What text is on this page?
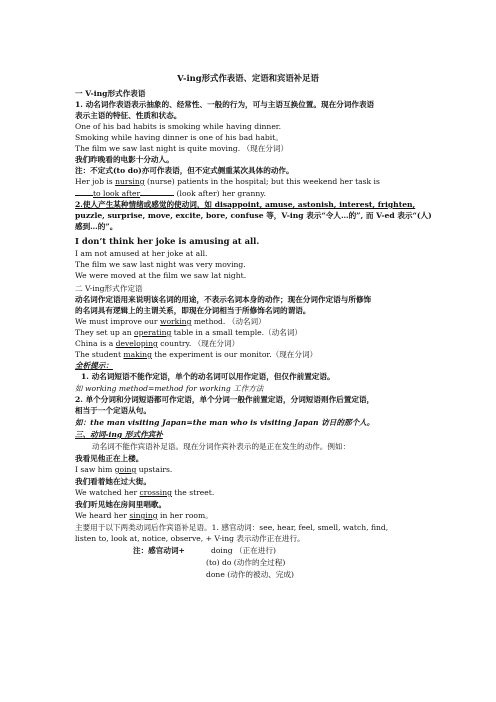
V-ing形式作表语、定语和宾语补足语
一 V-ing形式作表语
1. 动名词作表语表示抽象的、经常性、一般的行为，可与主语互换位置。现在分词作表语
表示主语的特征、性质和状态。
One of his bad habits is smoking while having dinner.
Smoking while having dinner is one of his bad habit。
The film we saw last night is quite moving. （现在分词）
我们昨晚看的电影十分动人。
注：不定式(to do)亦可作表语，但不定式侧重某次具体的动作。
Her job is nursing (nurse) patients in the hospital; but this weekend her task is
to look after	(look after) her granny.
2.使人产生某种情绪或感觉的使动词，如 disappoint, amuse, astonish, interest, frighten,
puzzle, surprise, move, excite, bore, confuse 等，V-ing 表示“令人…的”, 而 V-ed 表示“(人)
感到…的”。
I don’t think her joke is amusing at all.
I am not amused at her joke at all.
The film we saw last night was very moving.
We were moved at the film we saw lat night.
二 V-ing形式作定语
动名词作定语用来说明该名词的用途，不表示名词本身的动作；现在分词作定语与所修饰
的名词具有逻辑上的主谓关系，即现在分词相当于所修饰名词的谓语。
We must improve our working method. （动名词）
They set up an operating table in a small temple.（动名词）
China is a developing country. （现在分词）
The student making the experiment is our monitor.（现在分词）
全析提示：
1. 动名词短语不能作定语，单个的动名词可以用作定语，但仅作前置定语。
如 working method=method for working 工作方法
2. 单个分词和分词短语都可作定语，单个分词一般作前置定语，分词短语则作后置定语，
相当于一个定语从句。
如：the man visiting Japan=the man who is visiting Japan 访日的那个人。
三、动词-ing 形式作宾补
动名词不能作宾语补足语。现在分词作宾补表示的是正在发生的动作。例如：
我看见他正在上楼。
I saw him going upstairs.
我们看着她在过大街。
We watched her crossing the street.
我们听见她在房间里唱歌。
We heard her singing in her room。
主要用于以下两类动词后作宾语补足语。1. 感官动词：see, hear, feel, smell, watch, find,
listen to, look at, notice, observe, + V-ing 表示动作正在进行。
注：感官动词+	doing （正在进行)
(to) do (动作的全过程)
done (动作的被动、完成)
